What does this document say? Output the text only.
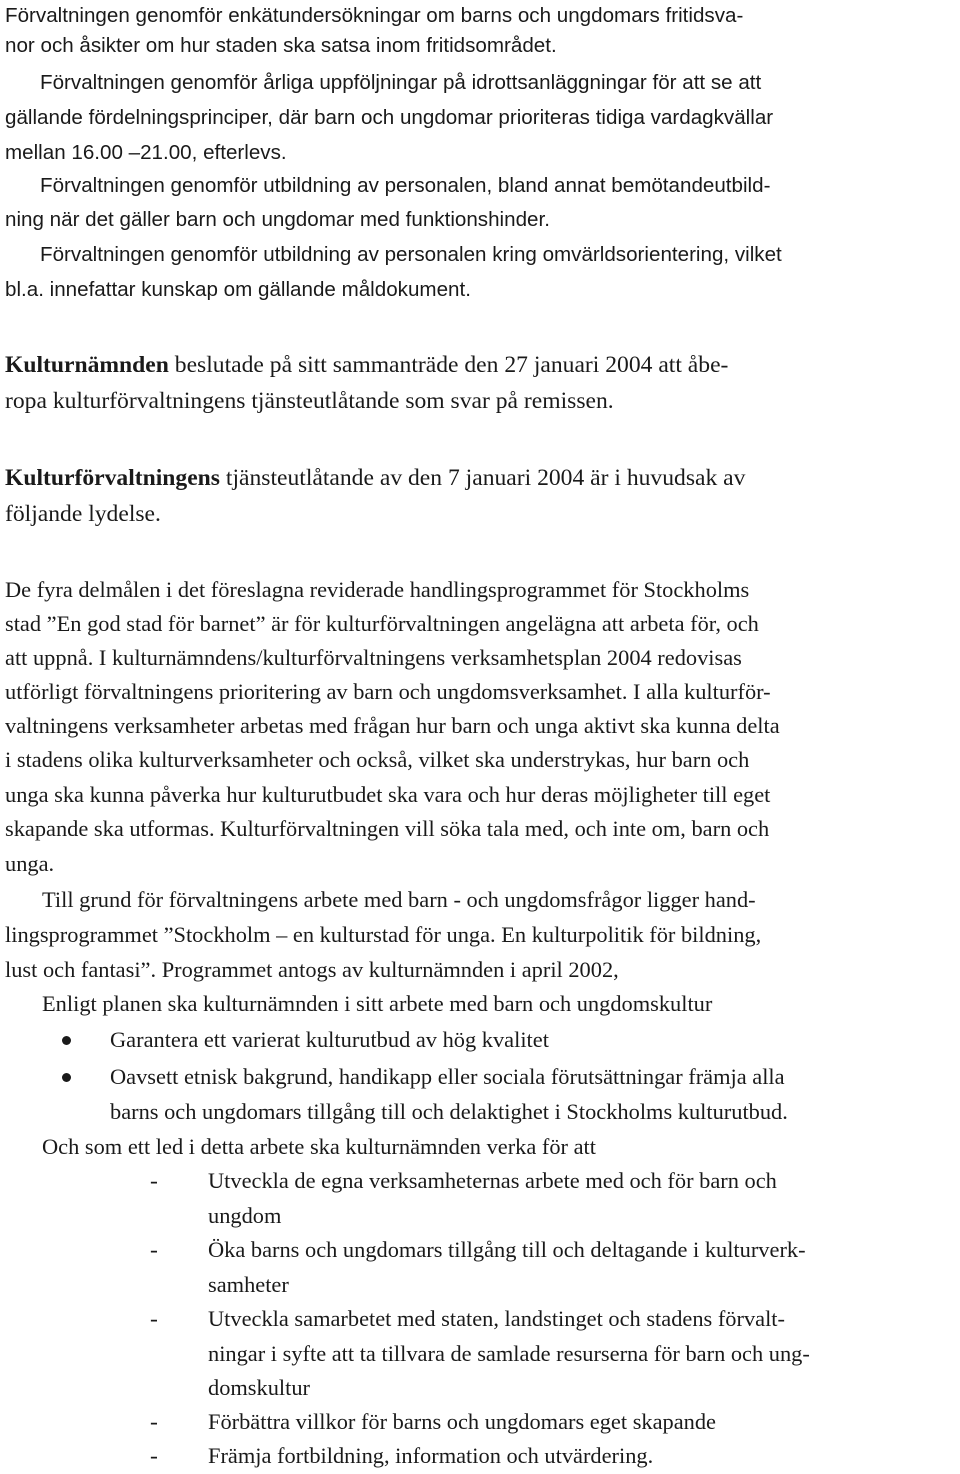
Förvaltningen genomför enkätundersökningar om barns och ungdomars fritidsva-
nor och åsikter om hur staden ska satsa inom fritidsområdet.
Förvaltningen genomför årliga uppföljningar på idrottsanläggningar för att se att
gällande fördelningsprinciper, där barn och ungdomar prioriteras tidiga vardagkvällar
mellan 16.00 –21.00, efterlevs.
Förvaltningen genomför utbildning av personalen, bland annat bemötandeutbild-
ning när det gäller barn och ungdomar med funktionshinder.
Förvaltningen genomför utbildning av personalen kring omvärldsorientering, vilket
bl.a. innefattar kunskap om gällande måldokument.
Kulturnämnden beslutade på sitt sammanträde den 27 januari 2004 att åbe-
ropa kulturförvaltningens tjänsteutlåtande som svar på remissen.
Kulturförvaltningens tjänsteutlåtande av den 7 januari 2004 är i huvudsak av
följande lydelse.
De fyra delmålen i det föreslagna reviderade handlingsprogrammet för Stockholms
stad ”En god stad för barnet” är för kulturförvaltningen angelägna att arbeta för, och
att uppnå. I kulturnämndens/kulturförvaltningens verksamhetsplan 2004 redovisas
utförligt förvaltningens prioritering av barn och ungdomsverksamhet. I alla kulturför-
valtningens verksamheter arbetas med frågan hur barn och unga aktivt ska kunna delta
i stadens olika kulturverksamheter och också, vilket ska understrykas, hur barn och
unga ska kunna påverka hur kulturutbudet ska vara och hur deras möjligheter till eget
skapande ska utformas. Kulturförvaltningen vill söka tala med, och inte om, barn och
unga.
Till grund för förvaltningens arbete med barn - och ungdomsfrågor ligger hand-
lingsprogrammet ”Stockholm – en kulturstad för unga. En kulturpolitik för bildning,
lust och fantasi”. Programmet antogs av kulturnämnden i april 2002,
Enligt planen ska kulturnämnden i sitt arbete med barn och ungdomskultur
Garantera ett varierat kulturutbud av hög kvalitet
Oavsett etnisk bakgrund, handikapp eller sociala förutsättningar främja alla
barns och ungdomars tillgång till och delaktighet i Stockholms kulturutbud.
Och som ett led i detta arbete ska kulturnämnden verka för att
- Utveckla de egna verksamheternas arbete med och för barn och
ungdom
- Öka barns och ungdomars tillgång till och deltagande i kulturverk-
samheter
- Utveckla samarbetet med staten, landstinget och stadens förvalt-
ningar i syfte att ta tillvara de samlade resurserna för barn och ung-
domskultur
- Förbättra villkor för barns och ungdomars eget skapande
- Främja fortbildning, information och utvärdering.
